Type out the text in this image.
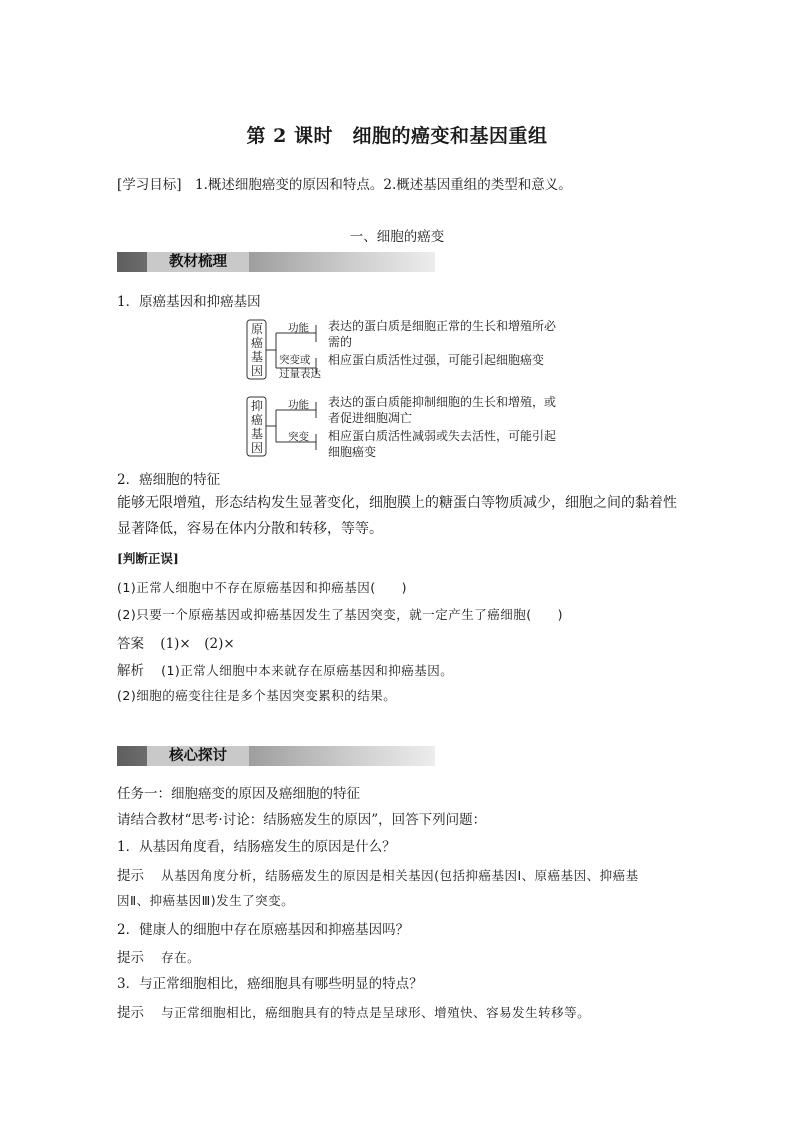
第 2 课时　细胞的癌变和基因重组
[学习目标]　1.概述细胞癌变的原因和特点。2.概述基因重组的类型和意义。
一、细胞的癌变
教材梳理
1．原癌基因和抑癌基因
原
癌
基
因
抑
癌
基
因
功能
突变或
过量表达
功能
突变
表达的蛋白质是细胞正常的生长和增殖所必需的
相应蛋白质活性过强，可能引起细胞癌变
表达的蛋白质能抑制细胞的生长和增殖，或者促进细胞凋亡
相应蛋白质活性减弱或失去活性，可能引起细胞癌变
2．癌细胞的特征
能够无限增殖，形态结构发生显著变化，细胞膜上的糖蛋白等物质减少，细胞之间的黏着性显著降低，容易在体内分散和转移，等等。
[判断正误]
(1)正常人细胞中不存在原癌基因和抑癌基因(　　)
(2)只要一个原癌基因或抑癌基因发生了基因突变，就一定产生了癌细胞(　　)
答案 (1)×　(2)×
解析 (1)正常人细胞中本来就存在原癌基因和抑癌基因。
(2)细胞的癌变往往是多个基因突变累积的结果。
核心探讨
任务一：细胞癌变的原因及癌细胞的特征
请结合教材“思考·讨论：结肠癌发生的原因”，回答下列问题：
1．从基因角度看，结肠癌发生的原因是什么？
提示 从基因角度分析，结肠癌发生的原因是相关基因(包括抑癌基因Ⅰ、原癌基因、抑癌基
因Ⅱ、抑癌基因Ⅲ)发生了突变。
2．健康人的细胞中存在原癌基因和抑癌基因吗？
提示 存在。
3．与正常细胞相比，癌细胞具有哪些明显的特点？
提示 与正常细胞相比，癌细胞具有的特点是呈球形、增殖快、容易发生转移等。
